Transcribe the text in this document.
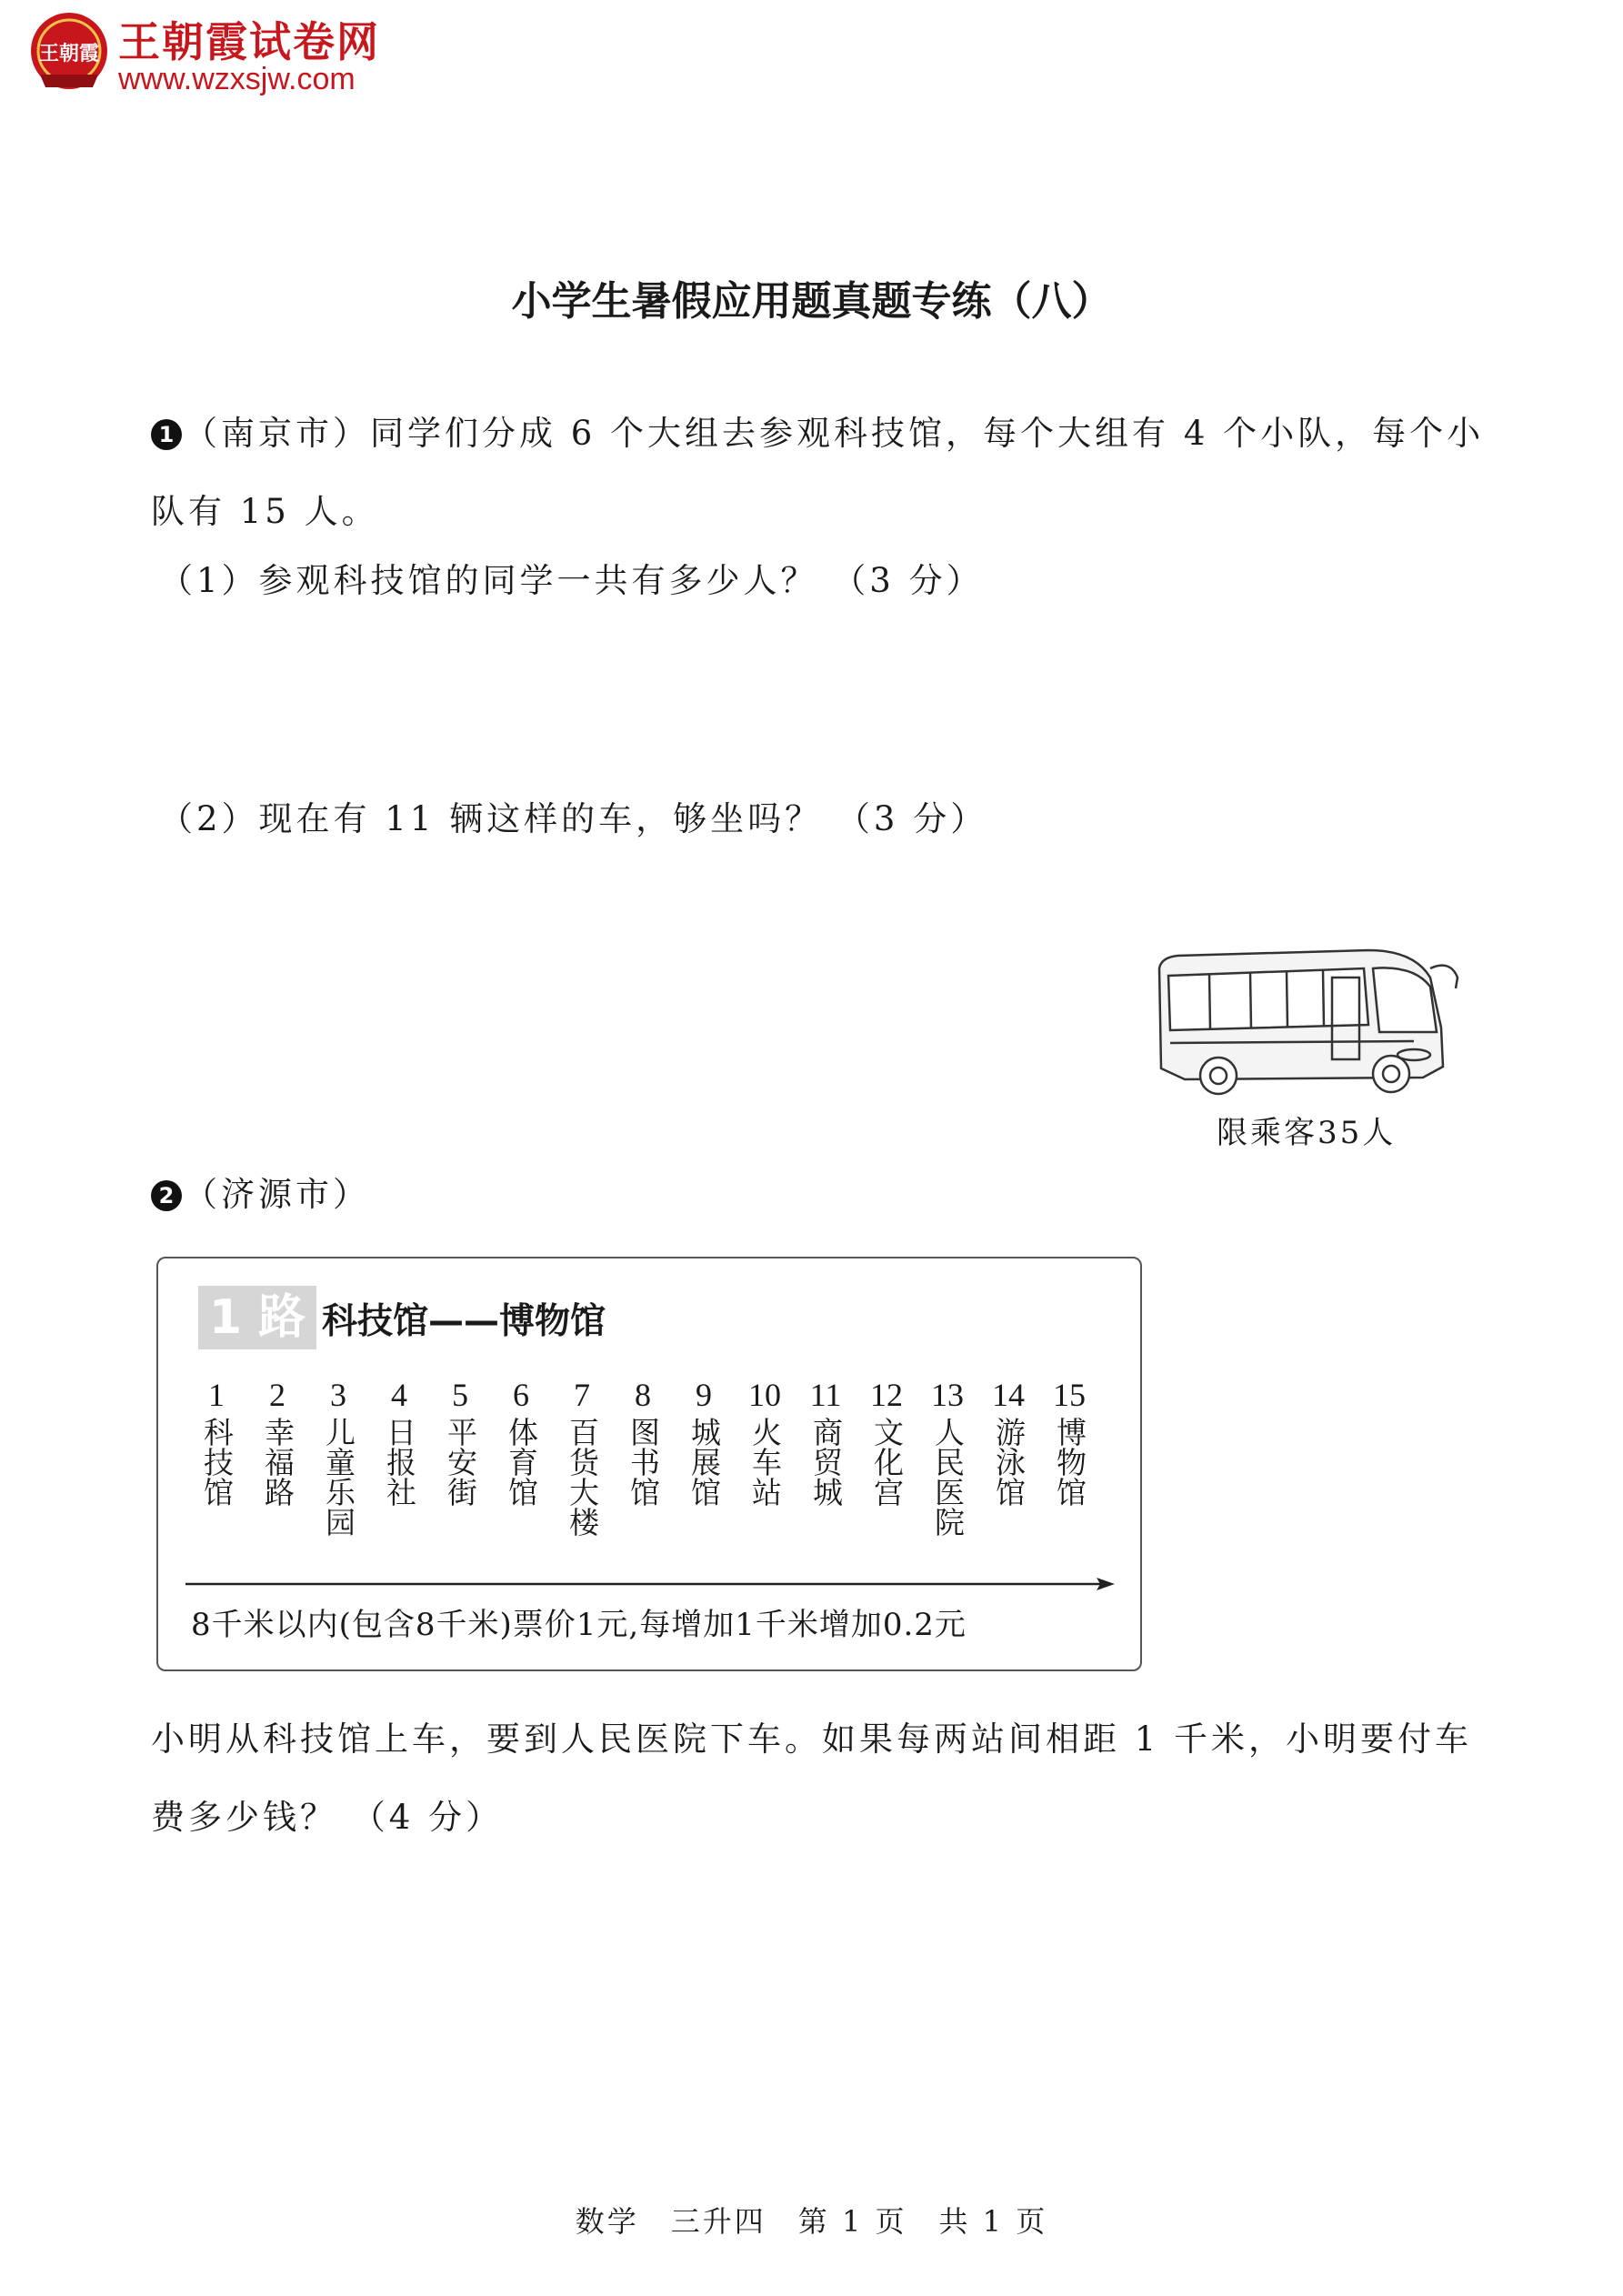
王朝霞 王朝霞试卷网
www.wzxsjw.com
小学生暑假应用题真题专练（八）
1 （南京市）同学们分成 6 个大组去参观科技馆，每个大组有 4 个小队，每个小队有 15 人。
（1）参观科技馆的同学一共有多少人？ （3 分）
（2）现在有 11 辆这样的车，够坐吗？ （3 分）
限乘客35人
2 （济源市）
1 路 科技馆——博物馆
1
科技馆
2
幸福路
3
儿童乐园
4
日报社
5
平安街
6
体育馆
7
百货大楼
8
图书馆
9
城展馆
10
火车站
11
商贸城
12
文化宫
13
人民医院
14
游泳馆
15
博物馆
8千米以内(包含8千米)票价1元,每增加1千米增加0.2元
小明从科技馆上车，要到人民医院下车。如果每两站间相距 1 千米，小明要付车费多少钱？ （4 分）
数学　三升四　第 1 页　共 1 页
